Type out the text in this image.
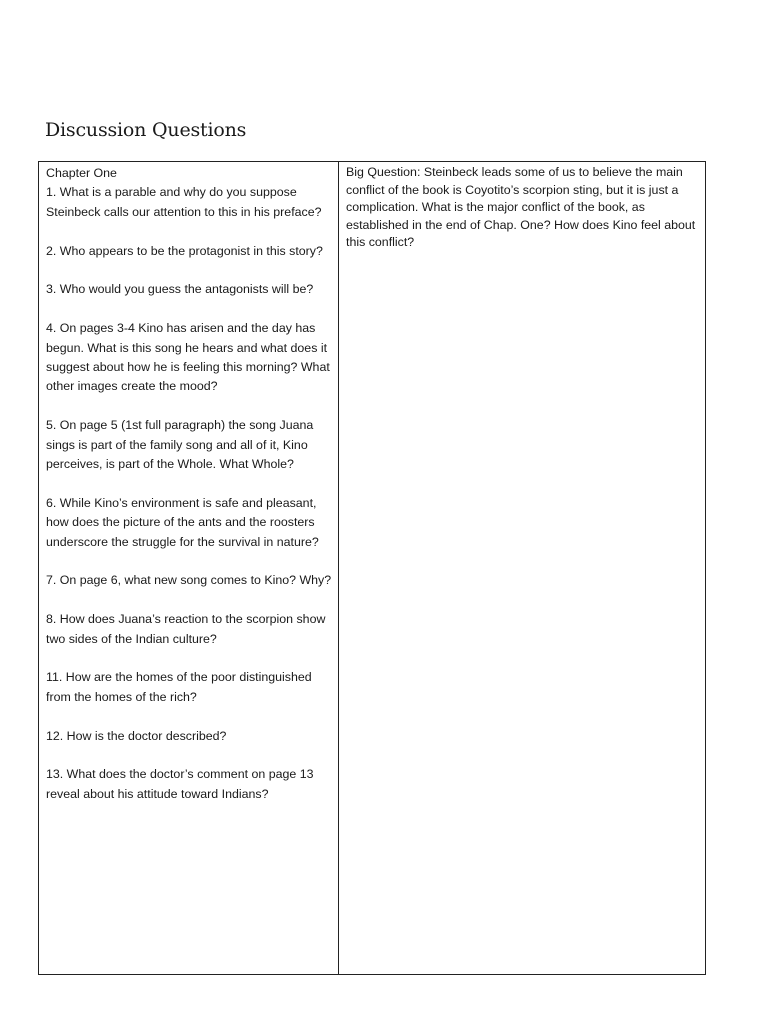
Discussion Questions

Chapter One

1. What is a parable and why do you suppose Steinbeck calls our attention to this in his preface?

2. Who appears to be the protagonist in this story?

3. Who would you guess the antagonists will be?

4. On pages 3-4 Kino has arisen and the day has begun. What is this song he hears and what does it suggest about how he is feeling this morning? What other images create the mood?

5. On page 5 (1st full paragraph) the song Juana sings is part of the family song and all of it, Kino perceives, is part of the Whole. What Whole?

6. While Kino’s environment is safe and pleasant, how does the picture of the ants and the roosters underscore the struggle for the survival in nature?

7. On page 6, what new song comes to Kino? Why?

8. How does Juana’s reaction to the scorpion show two sides of the Indian culture?

11. How are the homes of the poor distinguished from the homes of the rich?

12. How is the doctor described?

13. What does the doctor’s comment on page 13 reveal about his attitude toward Indians?

Big Question: Steinbeck leads some of us to believe the main conflict of the book is Coyotito’s scorpion sting, but it is just a complication. What is the major conflict of the book, as established in the end of Chap. One? How does Kino feel about this conflict?
